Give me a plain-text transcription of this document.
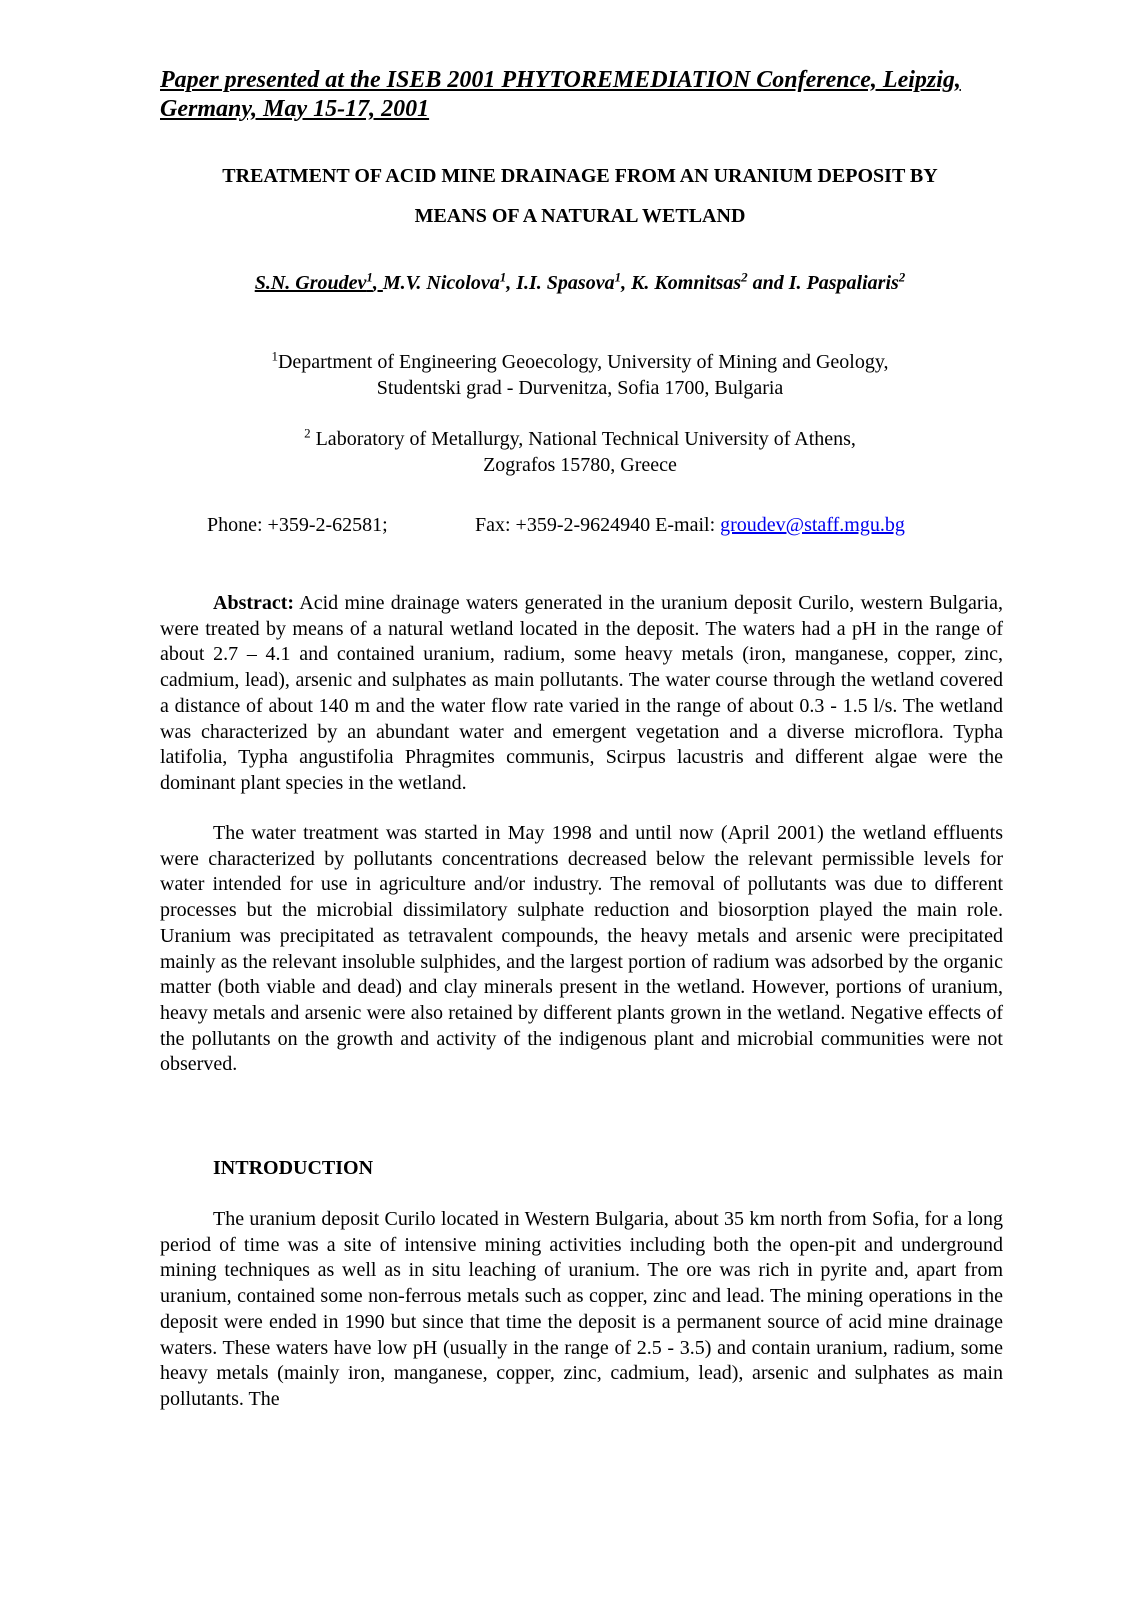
Paper presented at the ISEB 2001 PHYTOREMEDIATION Conference, Leipzig, Germany, May 15-17, 2001

TREATMENT OF ACID MINE DRAINAGE FROM AN URANIUM DEPOSIT BY
MEANS OF A NATURAL WETLAND

S.N. Groudev$^1$, M.V. Nicolova$^1$, I.I. Spasova$^1$, K. Komnitsas$^2$ and I. Paspaliaris$^2$

$^1$Department of Engineering Geoecology, University of Mining and Geology,
Studentski grad - Durvenitza, Sofia 1700, Bulgaria

$^2$ Laboratory of Metallurgy, National Technical University of Athens,
Zografos 15780, Greece

Phone: +359-2-62581;	Fax: +359-2-9624940 E-mail: groudev@staff.mgu.bg

Abstract: Acid mine drainage waters generated in the uranium deposit Curilo, western Bulgaria, were treated by means of a natural wetland located in the deposit. The waters had a pH in the range of about 2.7 – 4.1 and contained uranium, radium, some heavy metals (iron, manganese, copper, zinc, cadmium, lead), arsenic and sulphates as main pollutants. The water course through the wetland covered a distance of about 140 m and the water flow rate varied in the range of about 0.3 - 1.5 l/s. The wetland was characterized by an abundant water and emergent vegetation and a diverse microflora. Typha latifolia, Typha angustifolia Phragmites communis, Scirpus lacustris and different algae were the dominant plant species in the wetland.

The water treatment was started in May 1998 and until now (April 2001) the wetland effluents were characterized by pollutants concentrations decreased below the relevant permissible levels for water intended for use in agriculture and/or industry. The removal of pollutants was due to different processes but the microbial dissimilatory sulphate reduction and biosorption played the main role. Uranium was precipitated as tetravalent compounds, the heavy metals and arsenic were precipitated mainly as the relevant insoluble sulphides, and the largest portion of radium was adsorbed by the organic matter (both viable and dead) and clay minerals present in the wetland. However, portions of uranium, heavy metals and arsenic were also retained by different plants grown in the wetland. Negative effects of the pollutants on the growth and activity of the indigenous plant and microbial communities were not observed.

INTRODUCTION

The uranium deposit Curilo located in Western Bulgaria, about 35 km north from Sofia, for a long period of time was a site of intensive mining activities including both the open-pit and underground mining techniques as well as in situ leaching of uranium. The ore was rich in pyrite and, apart from uranium, contained some non-ferrous metals such as copper, zinc and lead. The mining operations in the deposit were ended in 1990 but since that time the deposit is a permanent source of acid mine drainage waters. These waters have low pH (usually in the range of 2.5 - 3.5) and contain uranium, radium, some heavy metals (mainly iron, manganese, copper, zinc, cadmium, lead), arsenic and sulphates as main pollutants. The
